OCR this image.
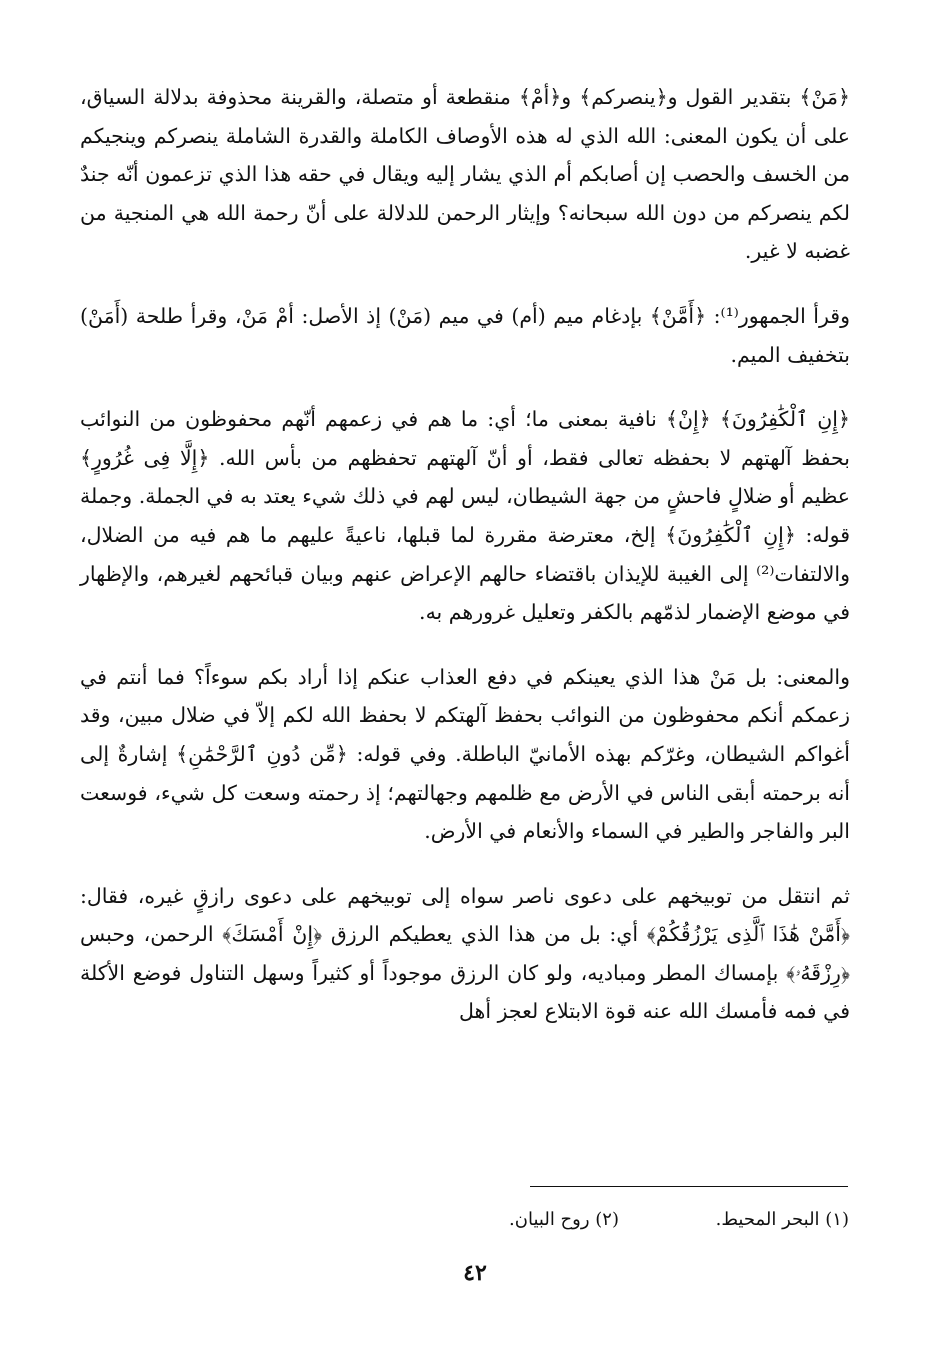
﴿مَنْ﴾ بتقدير القول و﴿ينصركم﴾ و﴿أمْ﴾ منقطعة أو متصلة، والقرينة محذوفة بدلالة السياق، على أن يكون المعنى: الله الذي له هذه الأوصاف الكاملة والقدرة الشاملة ينصركم وينجيكم من الخسف والحصب إن أصابكم أم الذي يشار إليه ويقال في حقه هذا الذي تزعمون أنّه جندٌ لكم ينصركم من دون الله سبحانه؟ وإيثار الرحمن للدلالة على أنّ رحمة الله هي المنجية من غضبه لا غير.

وقرأ الجمهور⁽¹⁾: ﴿أَمَّنْ﴾ بإدغام ميم (أم) في ميم (مَنْ) إذ الأصل: أمْ مَنْ، وقرأ طلحة (أَمَنْ) بتخفيف الميم.

﴿إِنِ ٱلْكَٰفِرُونَ﴾ ﴿إِنْ﴾ نافية بمعنى ما؛ أي: ما هم في زعمهم أنّهم محفوظون من النوائب بحفظ آلهتهم لا بحفظه تعالى فقط، أو أنّ آلهتهم تحفظهم من بأس الله. ﴿إِلَّا فِى غُرُورٍ﴾ عظيم أو ضلالٍ فاحشٍ من جهة الشيطان، ليس لهم في ذلك شيء يعتد به في الجملة. وجملة قوله: ﴿إِنِ ٱلْكَٰفِرُونَ﴾ إلخ، معترضة مقررة لما قبلها، ناعيةً عليهم ما هم فيه من الضلال، والالتفات⁽²⁾ إلى الغيبة للإيذان باقتضاء حالهم الإعراض عنهم وبيان قبائحهم لغيرهم، والإظهار في موضع الإضمار لذمّهم بالكفر وتعليل غرورهم به.

والمعنى: بل مَنْ هذا الذي يعينكم في دفع العذاب عنكم إذا أراد بكم سوءاً؟ فما أنتم في زعمكم أنكم محفوظون من النوائب بحفظ آلهتكم لا بحفظ الله لكم إلاّ في ضلال مبين، وقد أغواكم الشيطان، وغرّكم بهذه الأمانيّ الباطلة. وفي قوله: ﴿مِّن دُونِ ٱلرَّحْمَٰنِ﴾ إشارةٌ إلى أنه برحمته أبقى الناس في الأرض مع ظلمهم وجهالتهم؛ إذ رحمته وسعت كل شيء، فوسعت البر والفاجر والطير في السماء والأنعام في الأرض.

ثم انتقل من توبيخهم على دعوى ناصر سواه إلى توبيخهم على دعوى رازقٍ غيره، فقال: ﴿أَمَّنْ هَٰذَا ٱلَّذِى يَرْزُقُكُمْ﴾ أي: بل من هذا الذي يعطيكم الرزق ﴿إِنْ أَمْسَكَ﴾ الرحمن، وحبس ﴿رِزْقَهُۥ﴾ بإمساك المطر ومباديه، ولو كان الرزق موجوداً أو كثيراً وسهل التناول فوضع الأكلة في فمه فأمسك الله عنه قوة الابتلاع لعجز أهل

(١) البحر المحيط.
(٢) روح البيان.
٤٢
